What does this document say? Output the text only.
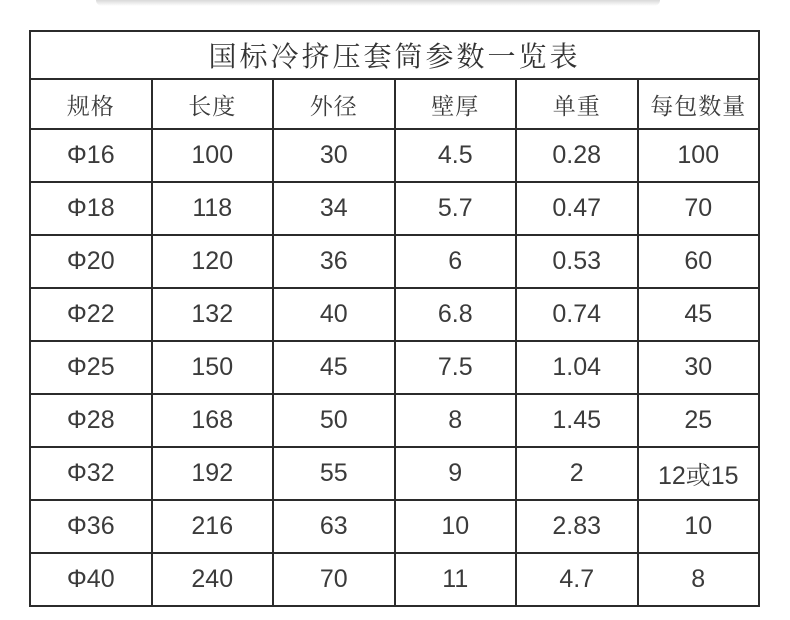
国标冷挤压套筒参数一览表					
规格	长度	外径	壁厚	单重	每包数量
Φ16	100	30	4.5	0.28	100
Φ18	118	34	5.7	0.47	70
Φ20	120	36	6	0.53	60
Φ22	132	40	6.8	0.74	45
Φ25	150	45	7.5	1.04	30
Φ28	168	50	8	1.45	25
Φ32	192	55	9	2	12或15
Φ36	216	63	10	2.83	10
Φ40	240	70	11	4.7	8
